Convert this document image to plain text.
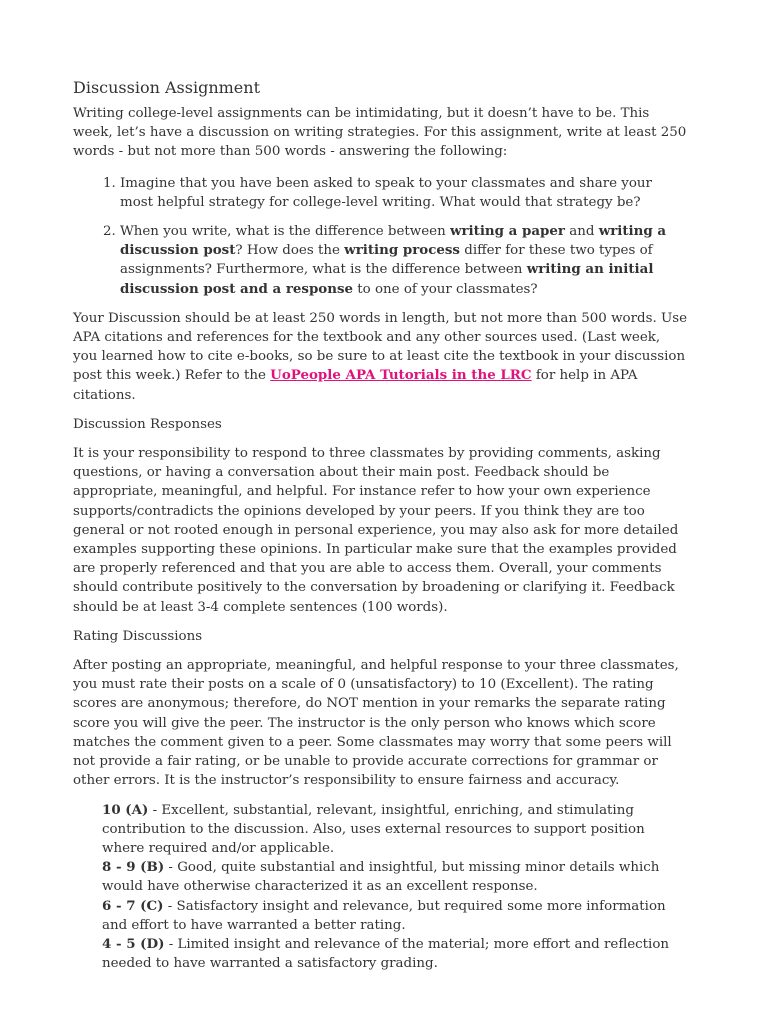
Discussion Assignment

Writing college-level assignments can be intimidating, but it doesn’t have to be. This week, let’s have a discussion on writing strategies. For this assignment, write at least 250 words - but not more than 500 words - answering the following:

1. Imagine that you have been asked to speak to your classmates and share your most helpful strategy for college-level writing. What would that strategy be?
2. When you write, what is the difference between writing a paper and writing a discussion post? How does the writing process differ for these two types of assignments? Furthermore, what is the difference between writing an initial discussion post and a response to one of your classmates?

Your Discussion should be at least 250 words in length, but not more than 500 words. Use APA citations and references for the textbook and any other sources used. (Last week, you learned how to cite e-books, so be sure to at least cite the textbook in your discussion post this week.) Refer to the UoPeople APA Tutorials in the LRC for help in APA citations.

Discussion Responses

It is your responsibility to respond to three classmates by providing comments, asking questions, or having a conversation about their main post. Feedback should be appropriate, meaningful, and helpful. For instance refer to how your own experience supports/contradicts the opinions developed by your peers. If you think they are too general or not rooted enough in personal experience, you may also ask for more detailed examples supporting these opinions. In particular make sure that the examples provided are properly referenced and that you are able to access them. Overall, your comments should contribute positively to the conversation by broadening or clarifying it. Feedback should be at least 3-4 complete sentences (100 words).

Rating Discussions

After posting an appropriate, meaningful, and helpful response to your three classmates, you must rate their posts on a scale of 0 (unsatisfactory) to 10 (Excellent). The rating scores are anonymous; therefore, do NOT mention in your remarks the separate rating score you will give the peer. The instructor is the only person who knows which score matches the comment given to a peer. Some classmates may worry that some peers will not provide a fair rating, or be unable to provide accurate corrections for grammar or other errors. It is the instructor’s responsibility to ensure fairness and accuracy.

10 (A) - Excellent, substantial, relevant, insightful, enriching, and stimulating contribution to the discussion. Also, uses external resources to support position where required and/or applicable.
8 - 9 (B) - Good, quite substantial and insightful, but missing minor details which would have otherwise characterized it as an excellent response.
6 - 7 (C) - Satisfactory insight and relevance, but required some more information and effort to have warranted a better rating.
4 - 5 (D) - Limited insight and relevance of the material; more effort and reflection needed to have warranted a satisfactory grading.
